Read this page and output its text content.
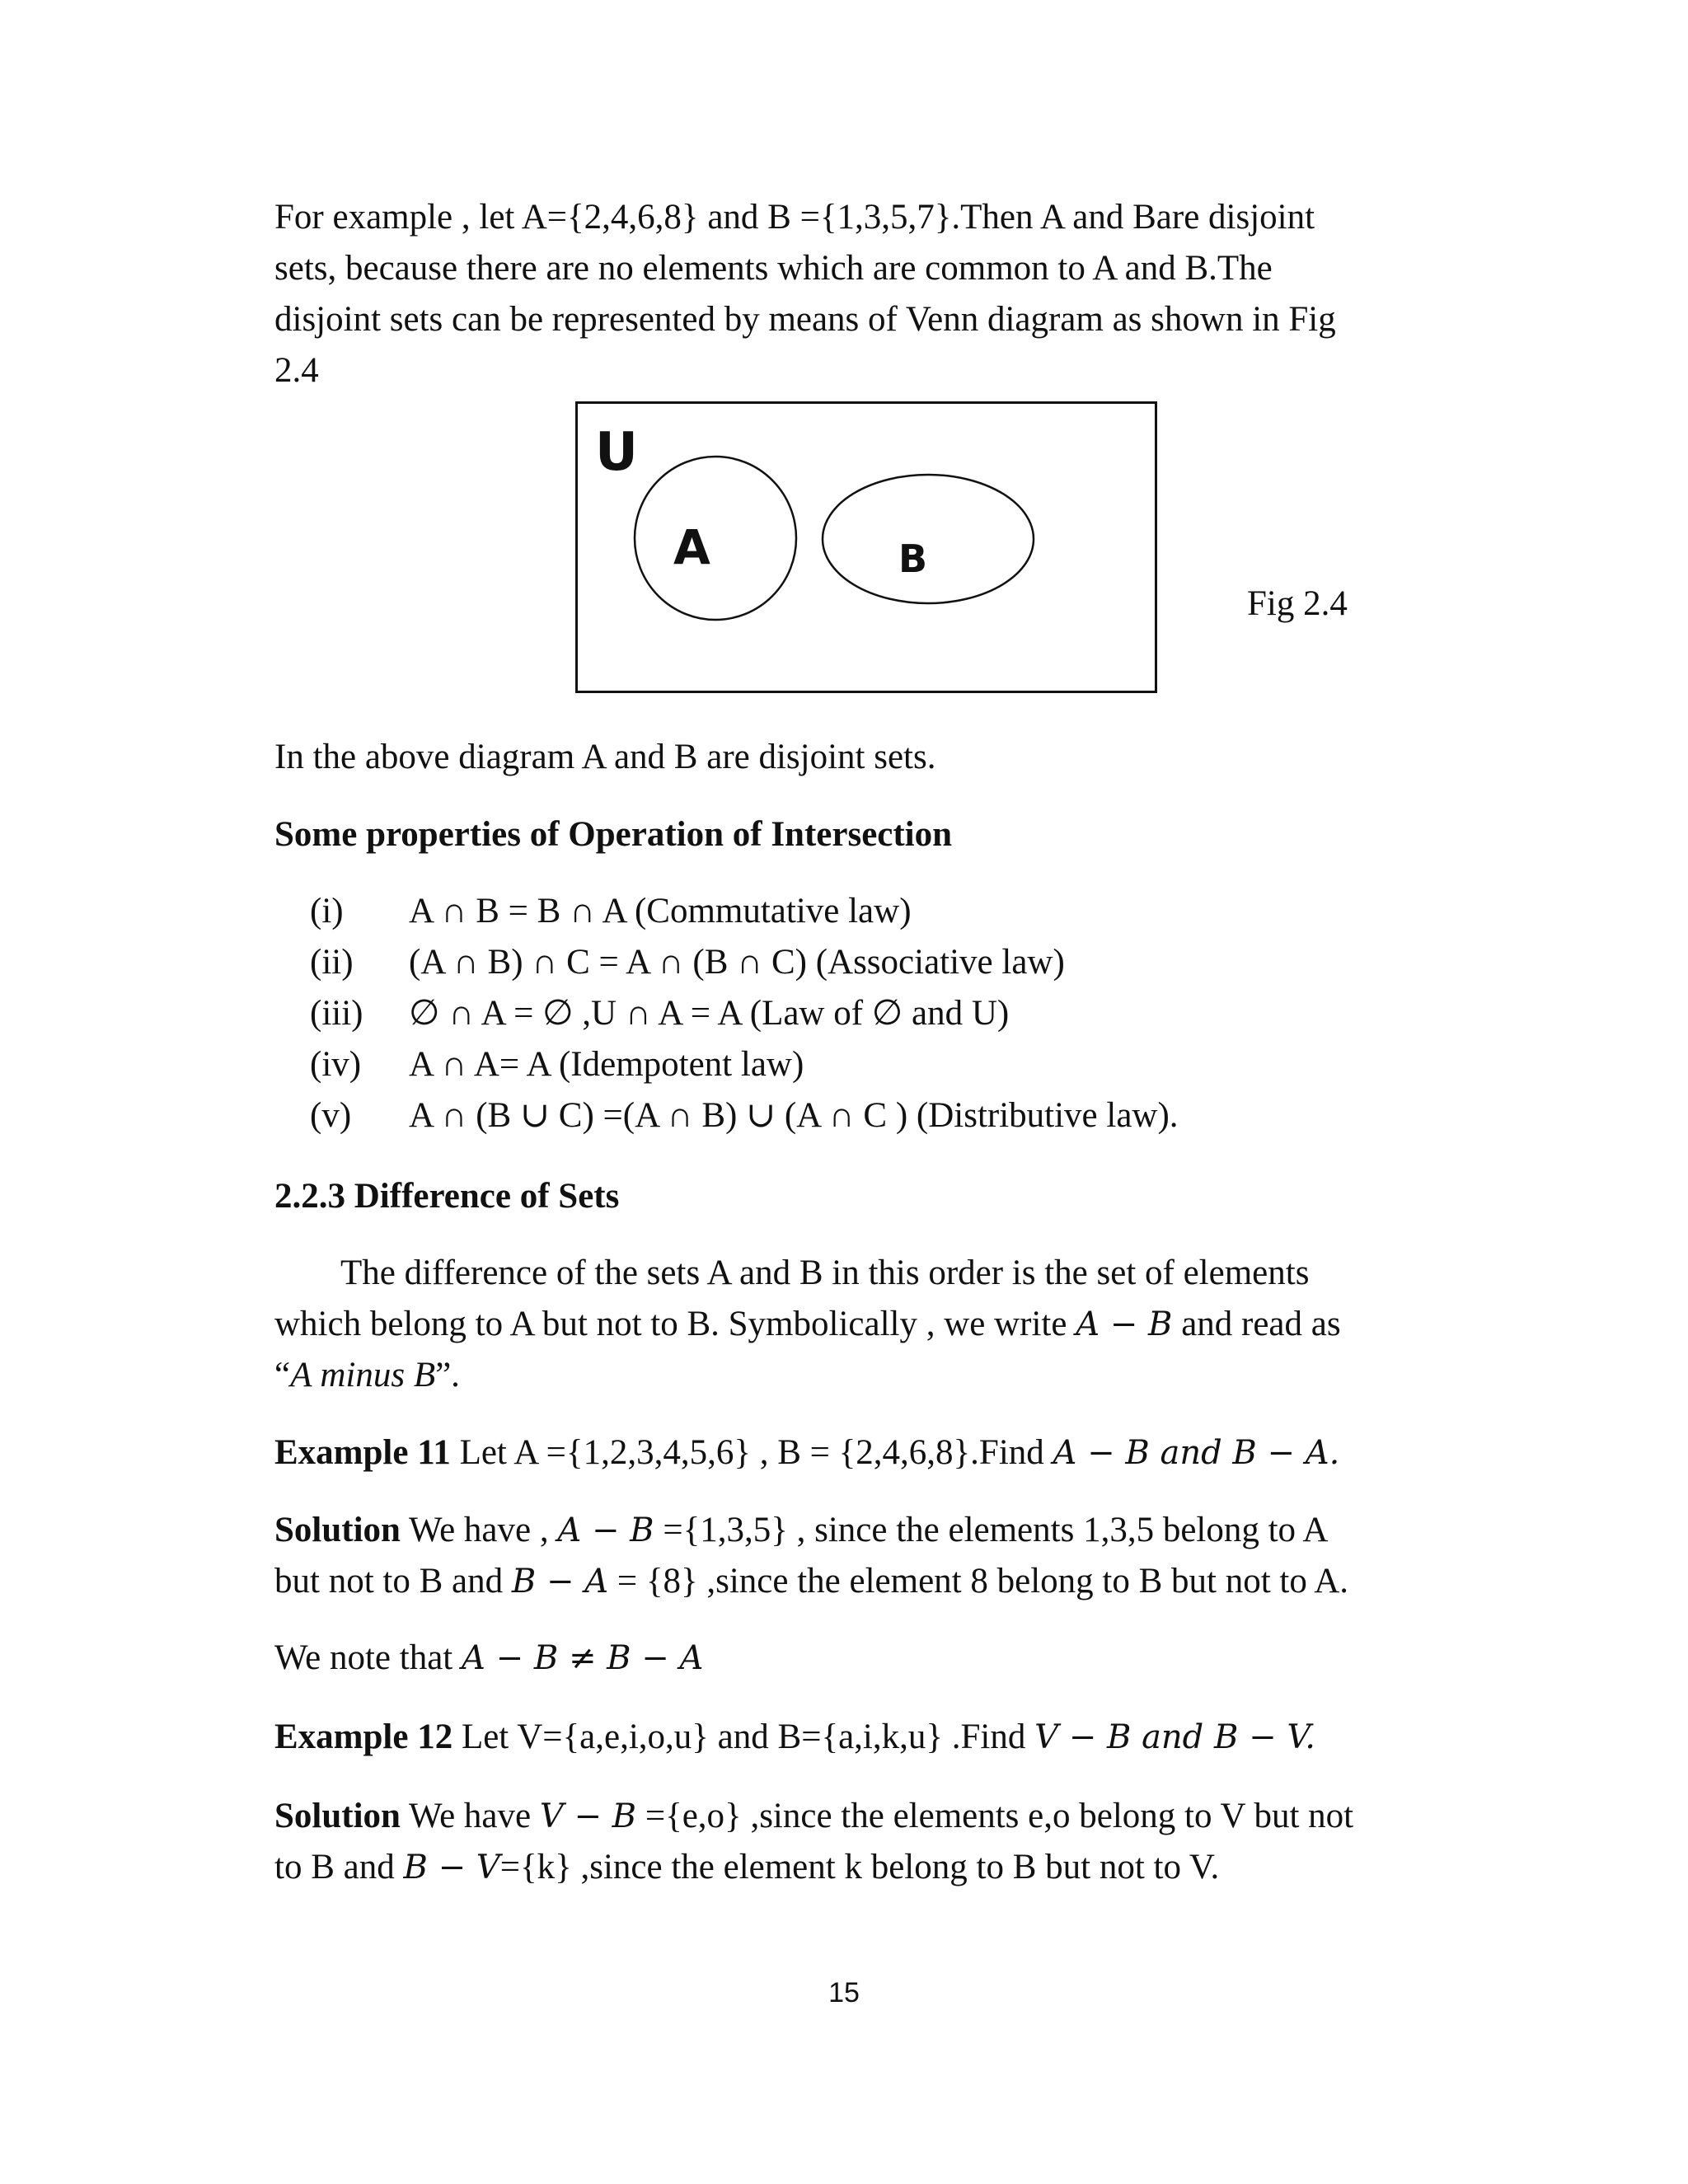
For example , let A={2,4,6,8} and B ={1,3,5,7}.Then A and Bare disjoint
sets, because there are no elements which are common to A and B.The
disjoint sets can be represented by means of Venn diagram as shown in Fig
2.4
U
A	B
Fig 2.4
In the above diagram A and B are disjoint sets.
Some properties of Operation of Intersection
(i) A ∩ B = B ∩ A (Commutative law)
(ii) (A ∩ B) ∩ C = A ∩ (B ∩ C) (Associative law)
(iii) ∅ ∩ A = ∅ ,U ∩ A = A (Law of ∅ and U)
(iv) A ∩ A= A (Idempotent law)
(v) A ∩ (B ∪ C) =(A ∩ B) ∪ (A ∩ C ) (Distributive law).
2.2.3 Difference of Sets
The difference of the sets A and B in this order is the set of elements
which belong to A but not to B. Symbolically , we write A − B and read as
“A minus B”.
Example 11 Let A ={1,2,3,4,5,6} , B = {2,4,6,8}.Find A − B and B − A.
Solution We have , A − B ={1,3,5} , since the elements 1,3,5 belong to A
but not to B and B − A = {8} ,since the element 8 belong to B but not to A.
We note that A − B ≠ B − A
Example 12 Let V={a,e,i,o,u} and B={a,i,k,u} .Find V − B and B − V.
Solution We have V − B ={e,o} ,since the elements e,o belong to V but not
to B and B − V={k} ,since the element k belong to B but not to V.
15
